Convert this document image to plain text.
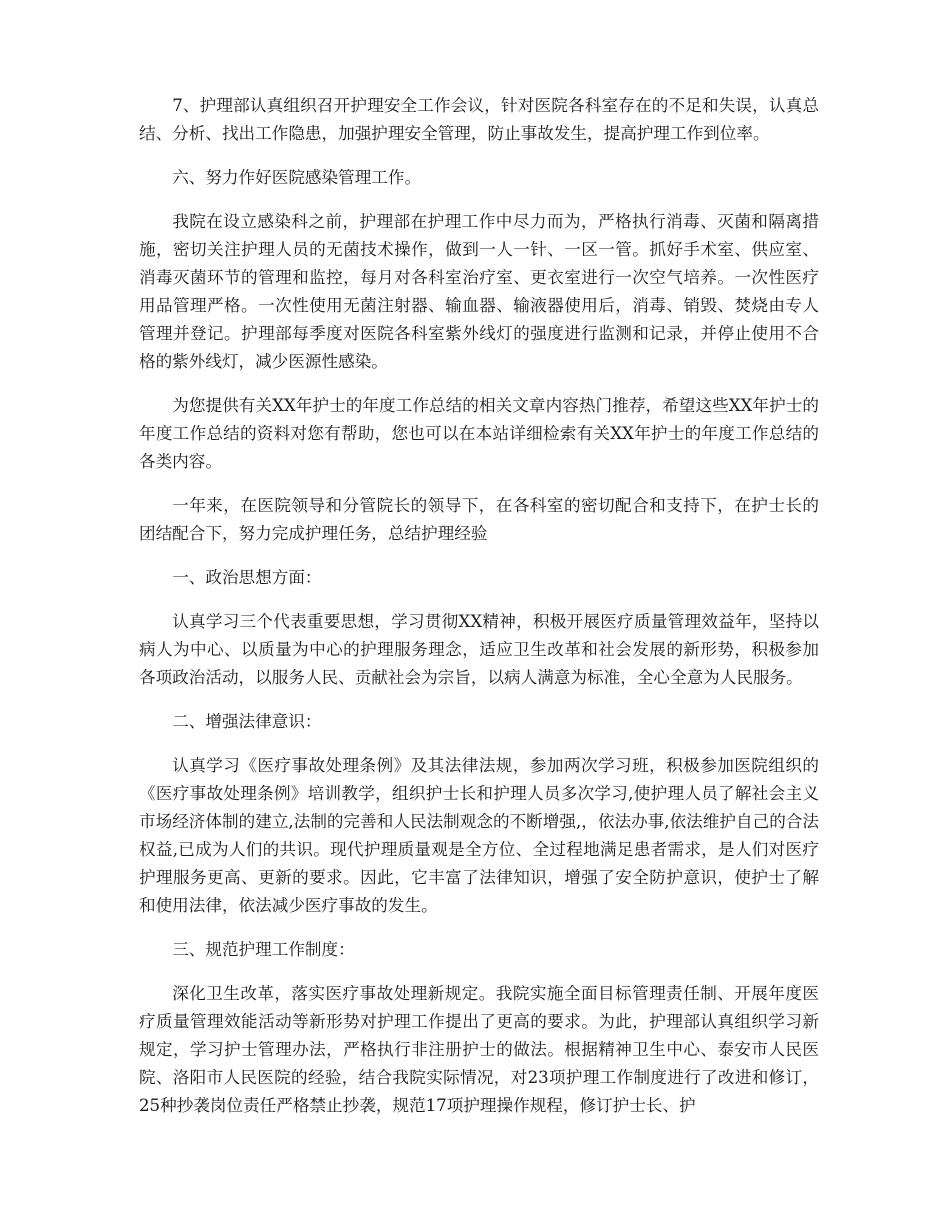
7、护理部认真组织召开护理安全工作会议，针对医院各科室存在的不足和失误，认真总结、分析、找出工作隐患，加强护理安全管理，防止事故发生，提高护理工作到位率。

六、努力作好医院感染管理工作。

我院在设立感染科之前，护理部在护理工作中尽力而为，严格执行消毒、灭菌和隔离措施，密切关注护理人员的无菌技术操作，做到一人一针、一区一管。抓好手术室、供应室、消毒灭菌环节的管理和监控，每月对各科室治疗室、更衣室进行一次空气培养。一次性医疗用品管理严格。一次性使用无菌注射器、输血器、输液器使用后，消毒、销毁、焚烧由专人管理并登记。护理部每季度对医院各科室紫外线灯的强度进行监测和记录，并停止使用不合格的紫外线灯，减少医源性感染。

为您提供有关XX年护士的年度工作总结的相关文章内容热门推荐，希望这些XX年护士的年度工作总结的资料对您有帮助，您也可以在本站详细检索有关XX年护士的年度工作总结的各类内容。

一年来，在医院领导和分管院长的领导下，在各科室的密切配合和支持下，在护士长的团结配合下，努力完成护理任务，总结护理经验

一、政治思想方面：

认真学习三个代表重要思想，学习贯彻XX精神，积极开展医疗质量管理效益年，坚持以病人为中心、以质量为中心的护理服务理念，适应卫生改革和社会发展的新形势，积极参加各项政治活动，以服务人民、贡献社会为宗旨，以病人满意为标准，全心全意为人民服务。

二、增强法律意识：

认真学习《医疗事故处理条例》及其法律法规，参加两次学习班，积极参加医院组织的《医疗事故处理条例》培训教学，组织护士长和护理人员多次学习,使护理人员了解社会主义市场经济体制的建立,法制的完善和人民法制观念的不断增强,，依法办事,依法维护自己的合法权益,已成为人们的共识。现代护理质量观是全方位、全过程地满足患者需求，是人们对医疗护理服务更高、更新的要求。因此，它丰富了法律知识，增强了安全防护意识，使护士了解和使用法律，依法减少医疗事故的发生。

三、规范护理工作制度：

深化卫生改革，落实医疗事故处理新规定。我院实施全面目标管理责任制、开展年度医疗质量管理效能活动等新形势对护理工作提出了更高的要求。为此，护理部认真组织学习新规定，学习护士管理办法，严格执行非注册护士的做法。根据精神卫生中心、泰安市人民医院、洛阳市人民医院的经验，结合我院实际情况，对23项护理工作制度进行了改进和修订，25种抄袭岗位责任严格禁止抄袭，规范17项护理操作规程，修订护士长、护
